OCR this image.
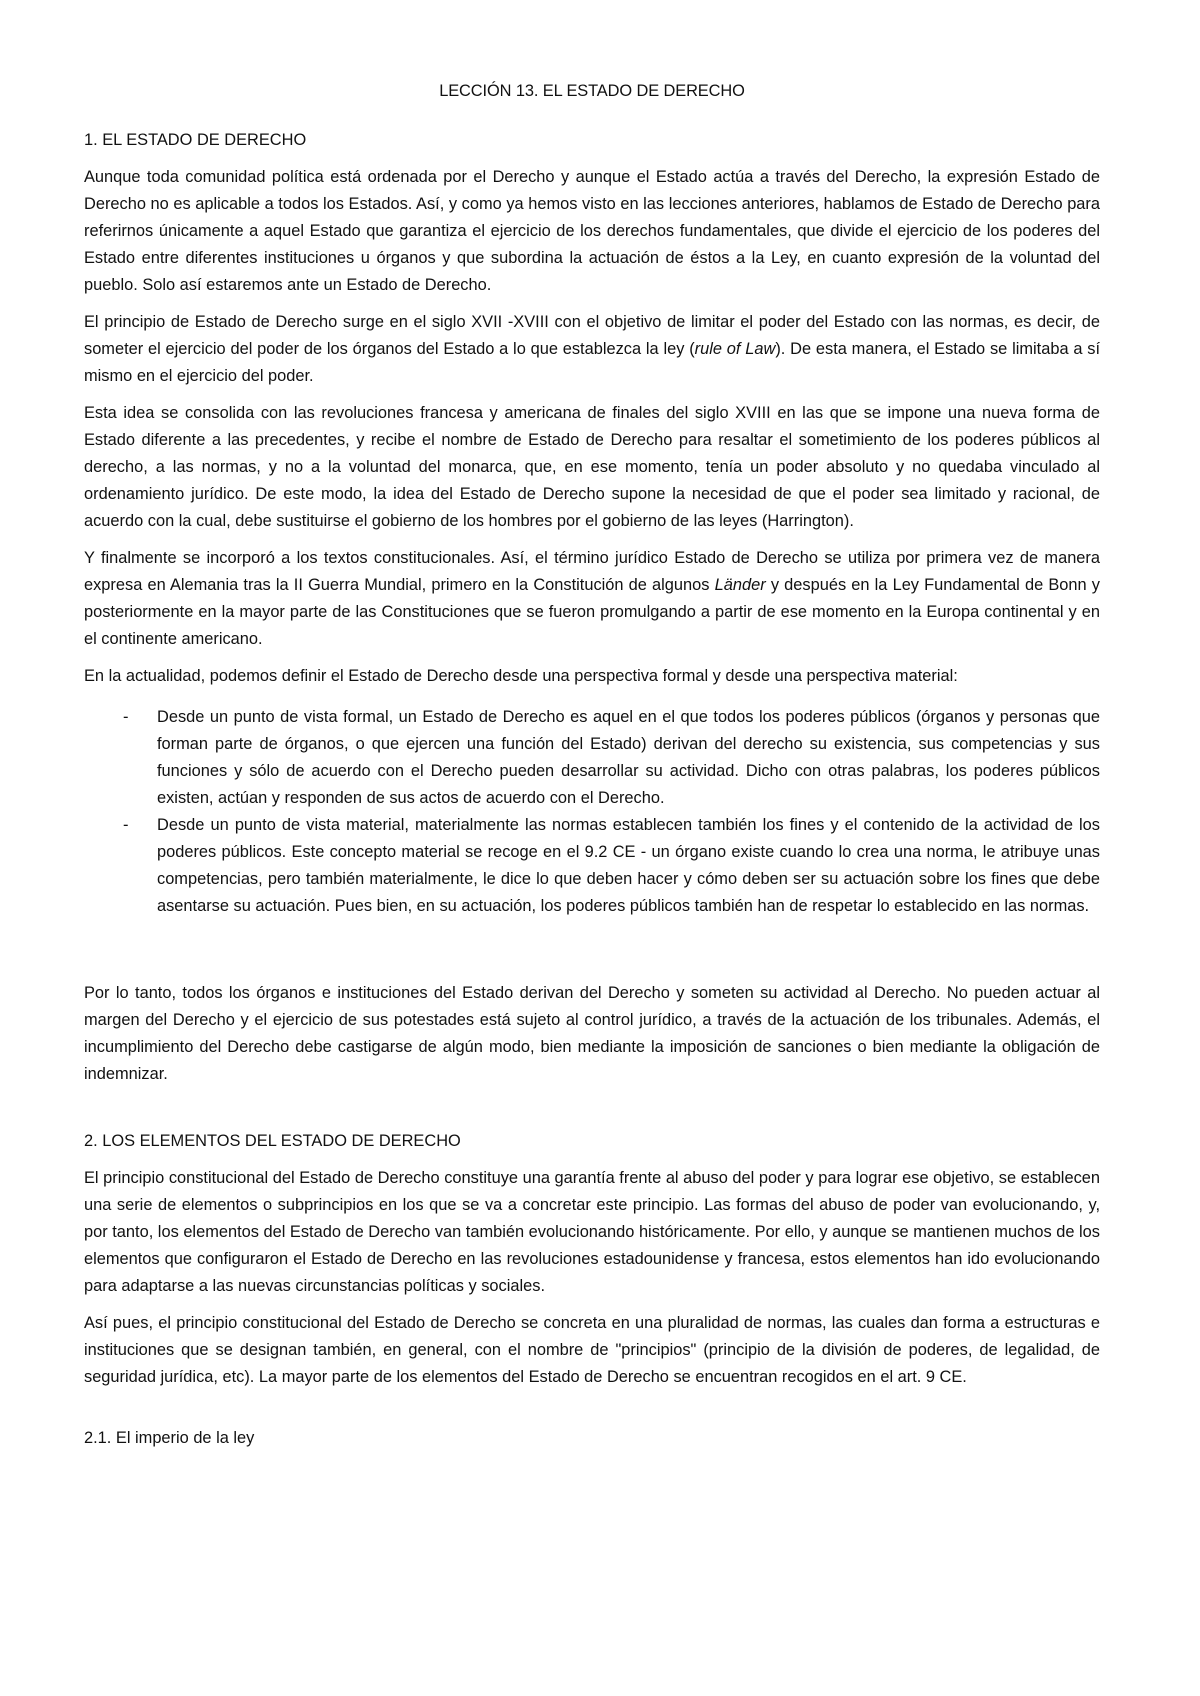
LECCIÓN 13. EL ESTADO DE DERECHO
1. EL ESTADO DE DERECHO

Aunque toda comunidad política está ordenada por el Derecho y aunque el Estado actúa a través del Derecho, la expresión Estado de Derecho no es aplicable a todos los Estados. Así, y como ya hemos visto en las lecciones anteriores, hablamos de Estado de Derecho para referirnos únicamente a aquel Estado que garantiza el ejercicio de los derechos fundamentales, que divide el ejercicio de los poderes del Estado entre diferentes instituciones u órganos y que subordina la actuación de éstos a la Ley, en cuanto expresión de la voluntad del pueblo. Solo así estaremos ante un Estado de Derecho.

El principio de Estado de Derecho surge en el siglo XVII -XVIII con el objetivo de limitar el poder del Estado con las normas, es decir, de someter el ejercicio del poder de los órganos del Estado a lo que establezca la ley (rule of Law). De esta manera, el Estado se limitaba a sí mismo en el ejercicio del poder.

Esta idea se consolida con las revoluciones francesa y americana de finales del siglo XVIII en las que se impone una nueva forma de Estado diferente a las precedentes, y recibe el nombre de Estado de Derecho para resaltar el sometimiento de los poderes públicos al derecho, a las normas, y no a la voluntad del monarca, que, en ese momento, tenía un poder absoluto y no quedaba vinculado al ordenamiento jurídico. De este modo, la idea del Estado de Derecho supone la necesidad de que el poder sea limitado y racional, de acuerdo con la cual, debe sustituirse el gobierno de los hombres por el gobierno de las leyes (Harrington).

Y finalmente se incorporó a los textos constitucionales. Así, el término jurídico Estado de Derecho se utiliza por primera vez de manera expresa en Alemania tras la II Guerra Mundial, primero en la Constitución de algunos Länder y después en la Ley Fundamental de Bonn y posteriormente en la mayor parte de las Constituciones que se fueron promulgando a partir de ese momento en la Europa continental y en el continente americano.

En la actualidad, podemos definir el Estado de Derecho desde una perspectiva formal y desde una perspectiva material:

- Desde un punto de vista formal, un Estado de Derecho es aquel en el que todos los poderes públicos (órganos y personas que forman parte de órganos, o que ejercen una función del Estado) derivan del derecho su existencia, sus competencias y sus funciones y sólo de acuerdo con el Derecho pueden desarrollar su actividad. Dicho con otras palabras, los poderes públicos existen, actúan y responden de sus actos de acuerdo con el Derecho.
- Desde un punto de vista material, materialmente las normas establecen también los fines y el contenido de la actividad de los poderes públicos. Este concepto material se recoge en el 9.2 CE - un órgano existe cuando lo crea una norma, le atribuye unas competencias, pero también materialmente, le dice lo que deben hacer y cómo deben ser su actuación sobre los fines que debe asentarse su actuación. Pues bien, en su actuación, los poderes públicos también han de respetar lo establecido en las normas.

Por lo tanto, todos los órganos e instituciones del Estado derivan del Derecho y someten su actividad al Derecho. No pueden actuar al margen del Derecho y el ejercicio de sus potestades está sujeto al control jurídico, a través de la actuación de los tribunales. Además, el incumplimiento del Derecho debe castigarse de algún modo, bien mediante la imposición de sanciones o bien mediante la obligación de indemnizar.

2. LOS ELEMENTOS DEL ESTADO DE DERECHO

El principio constitucional del Estado de Derecho constituye una garantía frente al abuso del poder y para lograr ese objetivo, se establecen una serie de elementos o subprincipios en los que se va a concretar este principio. Las formas del abuso de poder van evolucionando, y, por tanto, los elementos del Estado de Derecho van también evolucionando históricamente. Por ello, y aunque se mantienen muchos de los elementos que configuraron el Estado de Derecho en las revoluciones estadounidense y francesa, estos elementos han ido evolucionando para adaptarse a las nuevas circunstancias políticas y sociales.

Así pues, el principio constitucional del Estado de Derecho se concreta en una pluralidad de normas, las cuales dan forma a estructuras e instituciones que se designan también, en general, con el nombre de "principios" (principio de la división de poderes, de legalidad, de seguridad jurídica, etc). La mayor parte de los elementos del Estado de Derecho se encuentran recogidos en el art. 9 CE.

2.1. El imperio de la ley
